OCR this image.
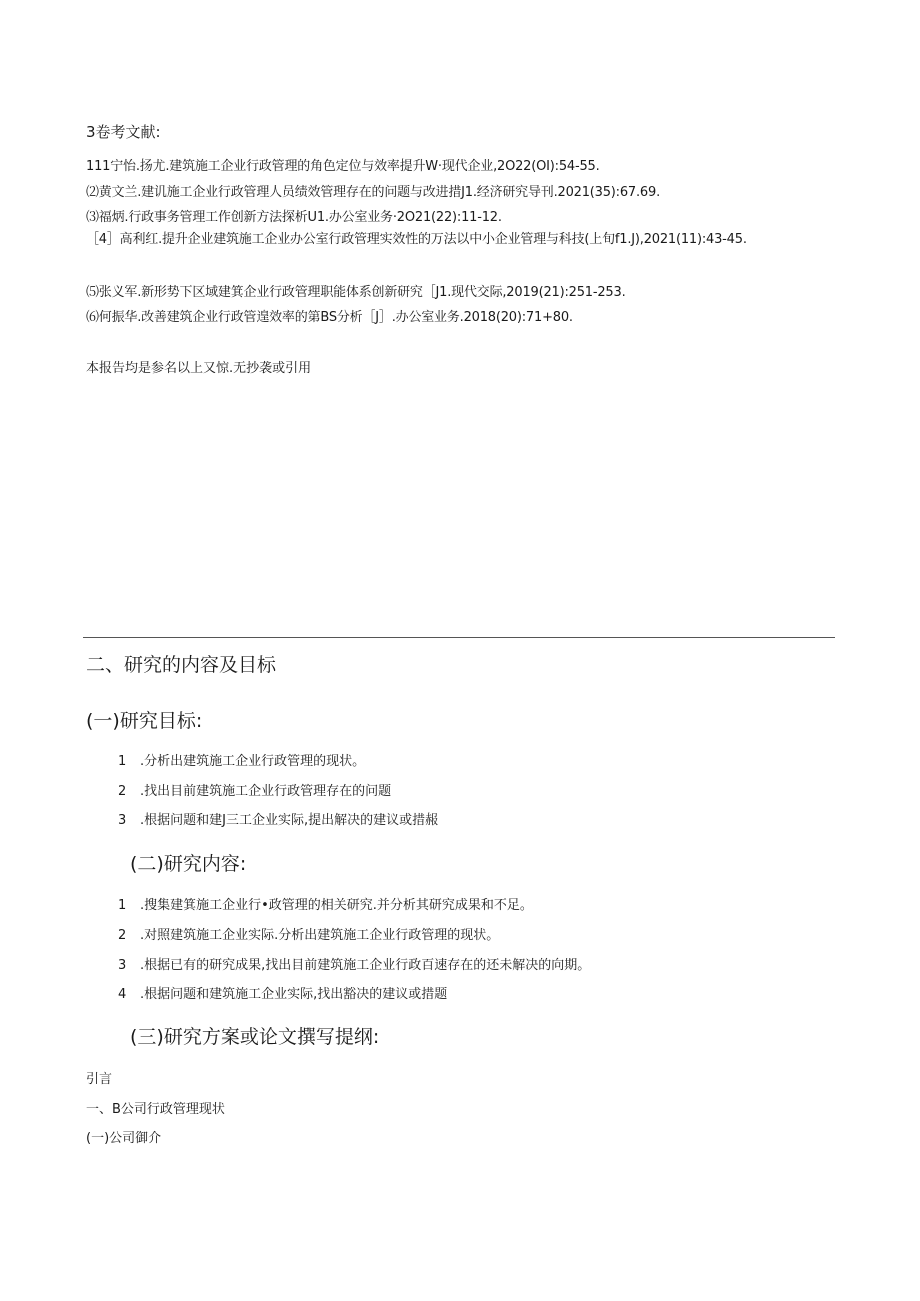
3卷考文献:
111宁怡.扬尤.建筑施工企业行政管理的角色定位与效率提升W·现代企业,2O22(OI):54-55.
⑵黄文兰.建讥施工企业行政管理人员绩效管理存在的问题与改进措J1.经济研究导刊.2021(35):67.69.
⑶福炳.行政事务管理工作创新方法探析U1.办公室业务·2O21(22):11-12.
［4］高利红.提升企业建筑施工企业办公室行政管理实效性的万法以中小企业管理与科技(上旬f1.J),2021(11):43-45.
⑸张义军.新形势下区域建箕企业行政管理职能体系创新研究［J1.现代交际,2019(21):251-253.
⑹何振华.改善建筑企业行政管遑效率的第BS分析［J］.办公室业务.2018(20):71+80.
本报告均是参名以上又惊.无抄袭或引用
二、研究的内容及目标
(一)研究目标:
1 .分析出建筑施工企业行政管理的现状。
2 .找出目前建筑施工企业行政管理存在的问题
3 .根据问题和建J三工企业实际,提出解决的建议或措赧
(二)研究内容:
1 .搜集建箕施工企业行•政管理的相关研究.并分析其研究成果和不足。
2 .对照建筑施工企业实际.分析出建筑施工企业行政管理的现状。
3 .根据已有的研究成果,找出目前建筑施工企业行政百速存在的还未解决的向期。
4 .根据问题和建筑施工企业实际,找出豁决的建议或措题
(三)研究方案或论文撰写提纲:
引言
一、B公司行政管理现状
(一)公司御介
